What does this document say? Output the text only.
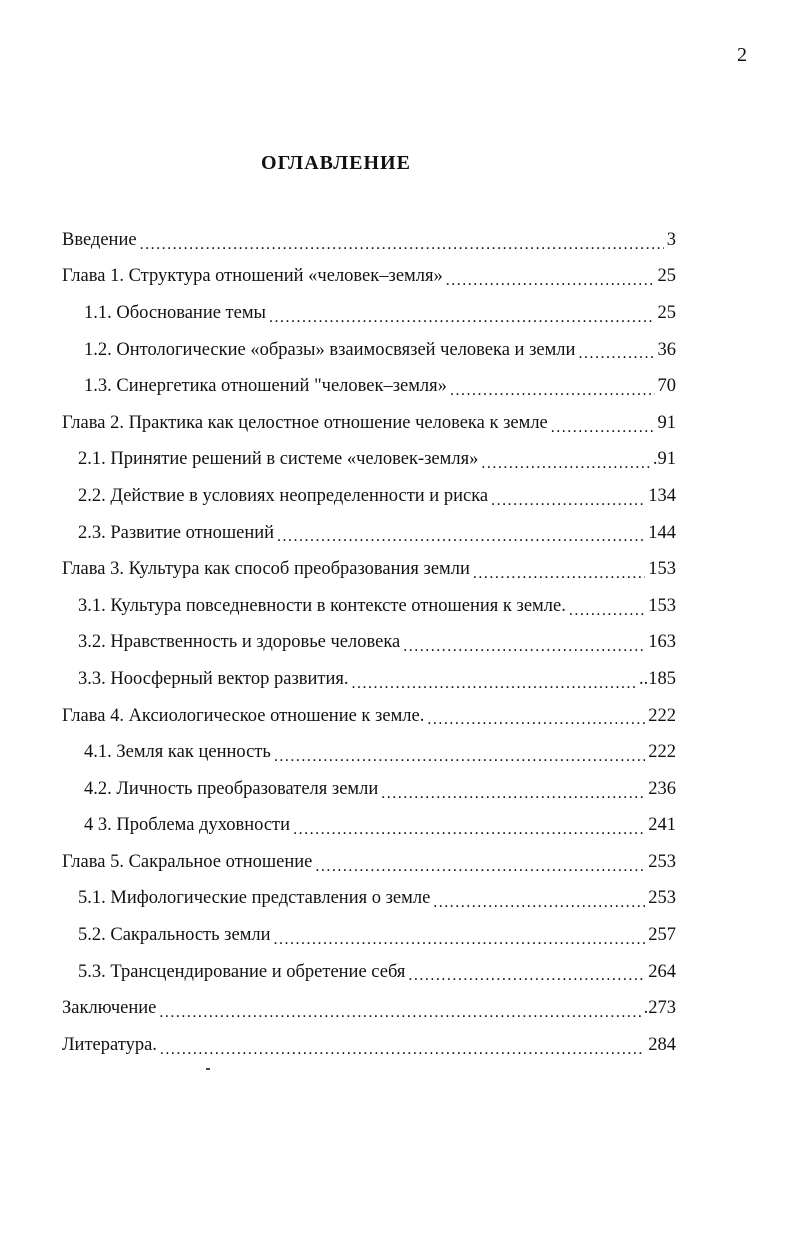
2
ОГЛАВЛЕНИЕ
Введение .....	3
Глава 1. Структура отношений «человек–земля» .....	25
1.1. Обоснование темы .....	25
1.2. Онтологические «образы» взаимосвязей человека и земли .....	36
1.3. Синергетика отношений "человек–земля» .....	70
Глава 2. Практика как целостное отношение человека к земле .....	91
2.1. Принятие решений в системе «человек-земля» .....	.91
2.2. Действие в условиях неопределенности и риска .....	134
2.3. Развитие отношений .....	144
Глава 3. Культура как способ преобразования земли .....	153
3.1. Культура повседневности в контексте отношения к земле. .....	153
3.2. Нравственность и здоровье человека .....	163
3.3. Ноосферный вектор развития. .....	..185
Глава 4. Аксиологическое отношение к земле. .....	222
4.1. Земля как ценность .....	222
4.2. Личность преобразователя земли .....	236
4 3. Проблема духовности .....	241
Глава 5. Сакральное отношение .....	253
5.1. Мифологические представления о земле .....	253
5.2. Сакральность земли .....	257
5.3. Трансцендирование и обретение себя .....	264
Заключение .....	.273
Литература. .....	284
